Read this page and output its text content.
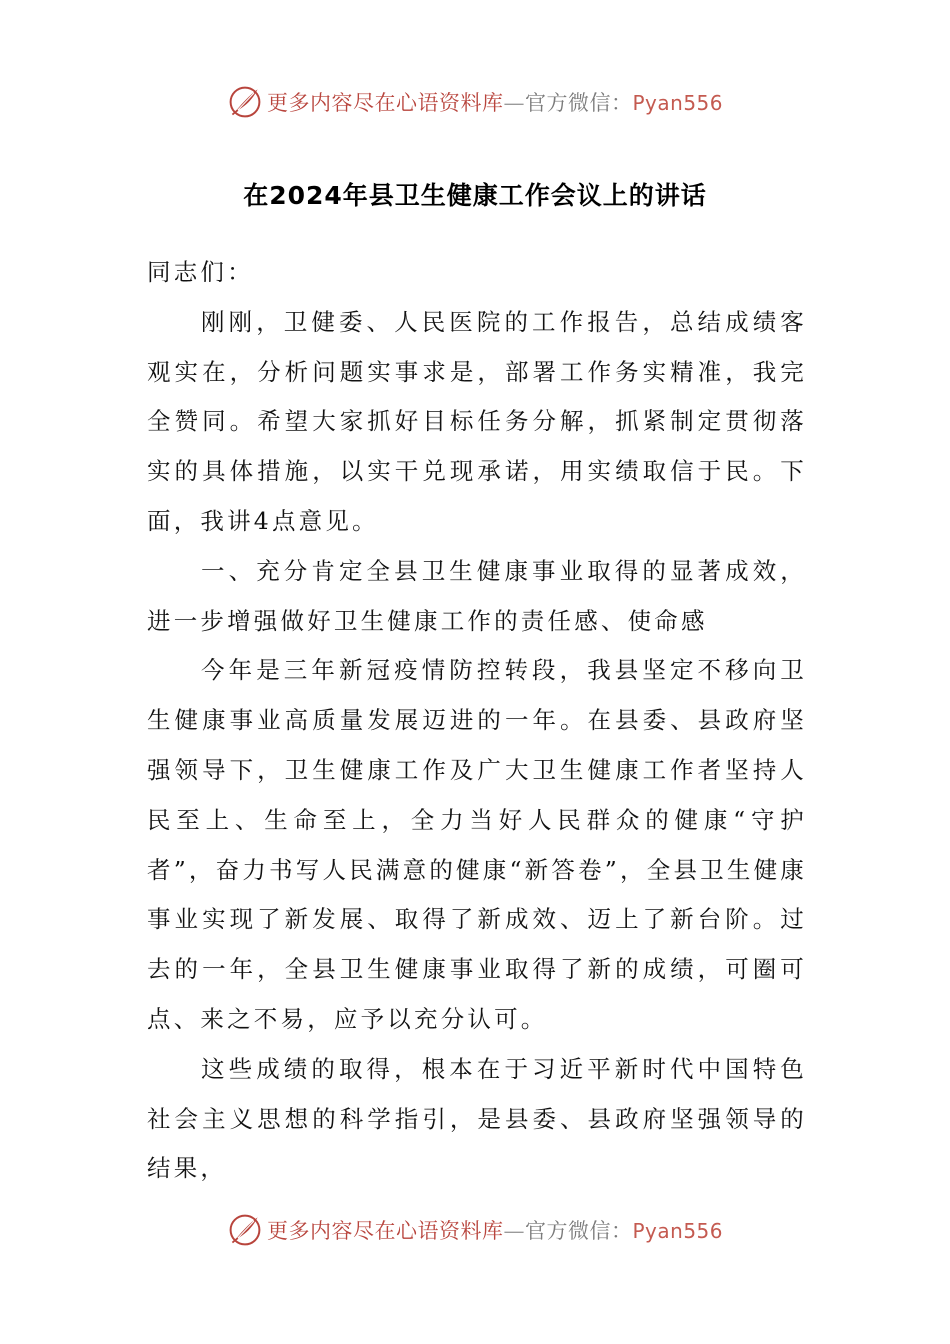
更多内容尽在心语资料库—官方微信：Pyan556
在2024年县卫生健康工作会议上的讲话

同志们：

刚刚，卫健委、人民医院的工作报告，总结成绩客观实在，分析问题实事求是，部署工作务实精准，我完全赞同。希望大家抓好目标任务分解，抓紧制定贯彻落实的具体措施，以实干兑现承诺，用实绩取信于民。下面，我讲4点意见。

一、充分肯定全县卫生健康事业取得的显著成效，进一步增强做好卫生健康工作的责任感、使命感

今年是三年新冠疫情防控转段，我县坚定不移向卫生健康事业高质量发展迈进的一年。在县委、县政府坚强领导下，卫生健康工作及广大卫生健康工作者坚持人民至上、生命至上，全力当好人民群众的健康“守护者”，奋力书写人民满意的健康“新答卷”，全县卫生健康事业实现了新发展、取得了新成效、迈上了新台阶。过去的一年，全县卫生健康事业取得了新的成绩，可圈可点、来之不易，应予以充分认可。

这些成绩的取得，根本在于习近平新时代中国特色社会主义思想的科学指引，是县委、县政府坚强领导的结果，

更多内容尽在心语资料库—官方微信：Pyan556
